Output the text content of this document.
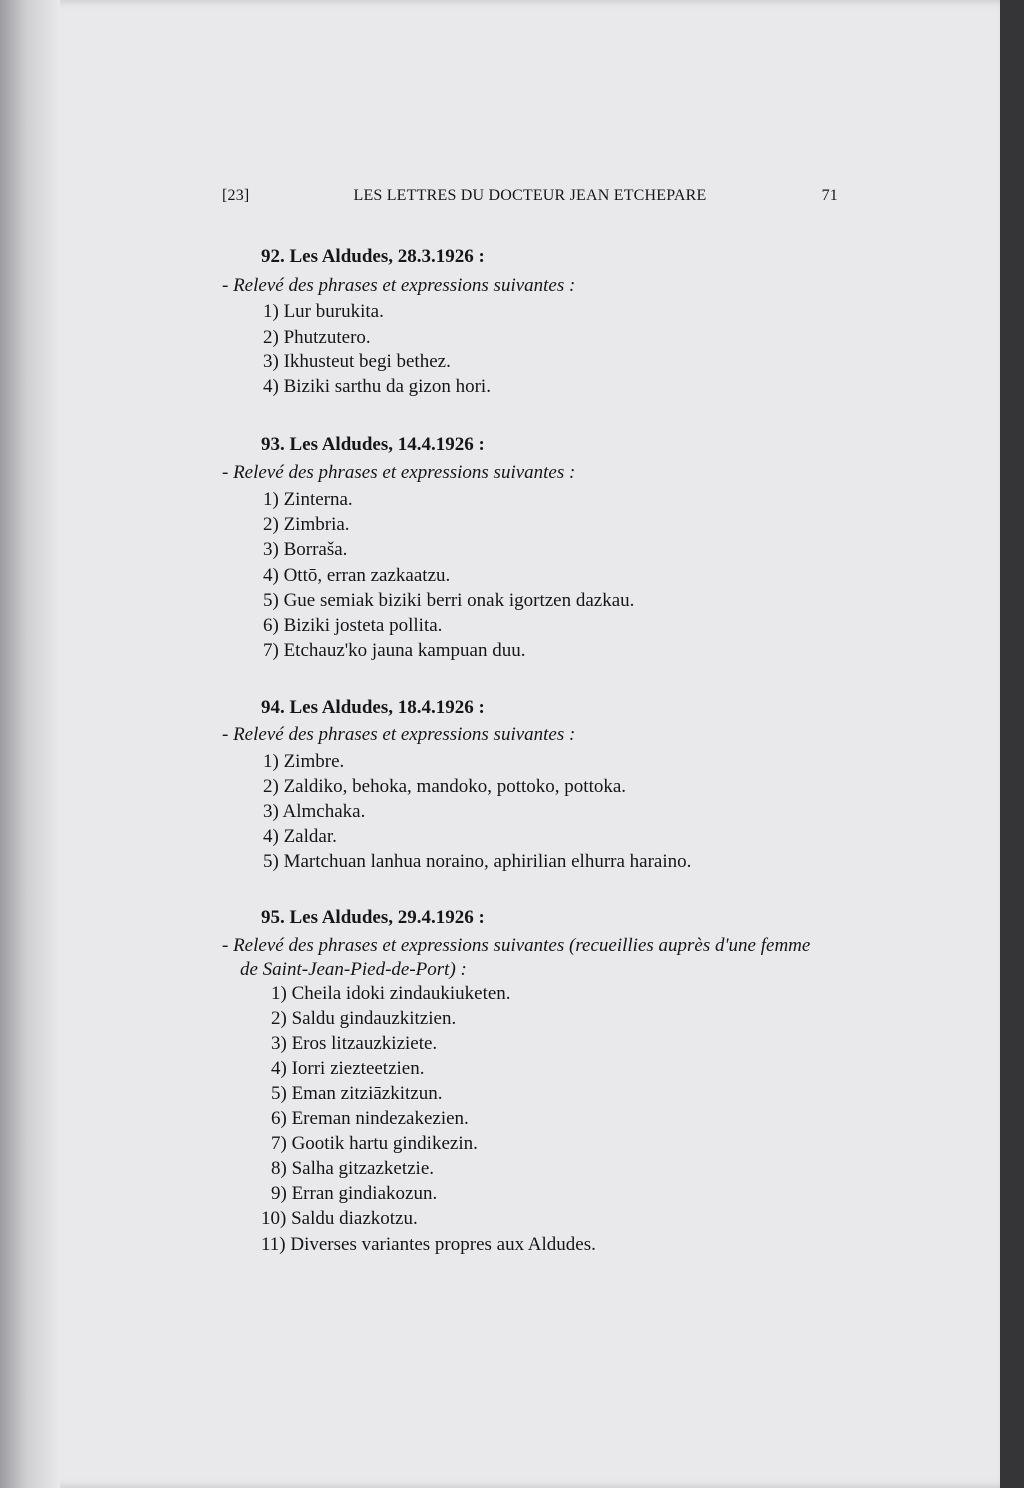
[23]	LES LETTRES DU DOCTEUR JEAN ETCHEPARE	71
92. Les Aldudes, 28.3.1926 :
- Relevé des phrases et expressions suivantes :
1) Lur burukita.
2) Phutzutero.
3) Ikhusteut begi bethez.
4) Biziki sarthu da gizon hori.
93. Les Aldudes, 14.4.1926 :
- Relevé des phrases et expressions suivantes :
1) Zinterna.
2) Zimbria.
3) Borraša.
4) Ottō, erran zazkaatzu.
5) Gue semiak biziki berri onak igortzen dazkau.
6) Biziki josteta pollita.
7) Etchauz'ko jauna kampuan duu.
94. Les Aldudes, 18.4.1926 :
- Relevé des phrases et expressions suivantes :
1) Zimbre.
2) Zaldiko, behoka, mandoko, pottoko, pottoka.
3) Almchaka.
4) Zaldar.
5) Martchuan lanhua noraino, aphirilian elhurra haraino.
95. Les Aldudes, 29.4.1926 :
- Relevé des phrases et expressions suivantes (recueillies auprès d'une femme
de Saint-Jean-Pied-de-Port) :
1) Cheila idoki zindaukiuketen.
2) Saldu gindauzkitzien.
3) Eros litzauzkiziete.
4) Iorri ziezteetzien.
5) Eman zitziāzkitzun.
6) Ereman nindezakezien.
7) Gootik hartu gindikezin.
8) Salha gitzazketzie.
9) Erran gindiakozun.
10) Saldu diazkotzu.
11) Diverses variantes propres aux Aldudes.
